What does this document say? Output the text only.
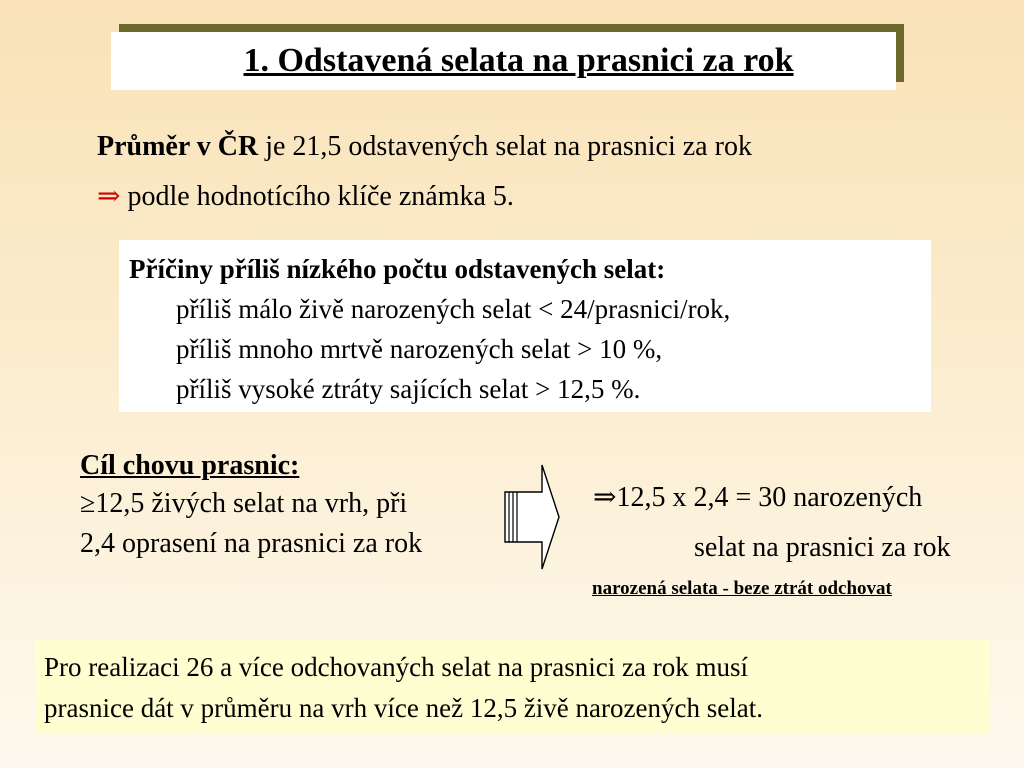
1. Odstavená selata na prasnici za rok
Průměr v ČR je 21,5 odstavených selat na prasnici za rok
⇒ podle hodnotícího klíče známka 5.
Příčiny příliš nízkého počtu odstavených selat:
příliš málo živě narozených selat < 24/prasnici/rok,
příliš mnoho mrtvě narozených selat > 10 %,
příliš vysoké ztráty sajících selat > 12,5 %.
Cíl chovu prasnic:
≥12,5 živých selat na vrh, při
2,4 oprasení na prasnici za rok
⇒12,5 x 2,4 = 30 narozených
selat na prasnici za rok
narozená selata - beze ztrát odchovat
Pro realizaci 26 a více odchovaných selat na prasnici za rok musí
prasnice dát v průměru na vrh více než 12,5 živě narozených selat.
